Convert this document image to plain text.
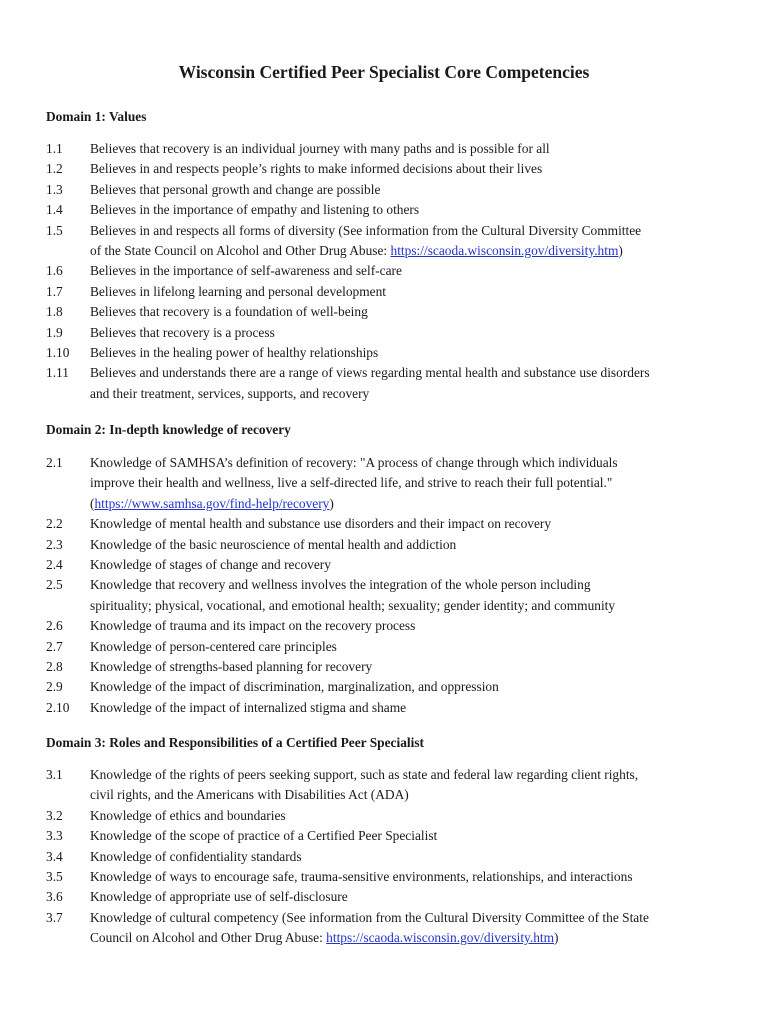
Wisconsin Certified Peer Specialist Core Competencies
Domain 1: Values
1.1	Believes that recovery is an individual journey with many paths and is possible for all
1.2	Believes in and respects people’s rights to make informed decisions about their lives
1.3	Believes that personal growth and change are possible
1.4	Believes in the importance of empathy and listening to others
1.5	Believes in and respects all forms of diversity (See information from the Cultural Diversity Committee
of the State Council on Alcohol and Other Drug Abuse: https://scaoda.wisconsin.gov/diversity.htm)
1.6	Believes in the importance of self-awareness and self-care
1.7	Believes in lifelong learning and personal development
1.8	Believes that recovery is a foundation of well-being
1.9	Believes that recovery is a process
1.10	Believes in the healing power of healthy relationships
1.11	Believes and understands there are a range of views regarding mental health and substance use disorders
and their treatment, services, supports, and recovery
Domain 2: In-depth knowledge of recovery
2.1	Knowledge of SAMHSA’s definition of recovery: "A process of change through which individuals
improve their health and wellness, live a self-directed life, and strive to reach their full potential."
(https://www.samhsa.gov/find-help/recovery)
2.2	Knowledge of mental health and substance use disorders and their impact on recovery
2.3	Knowledge of the basic neuroscience of mental health and addiction
2.4	Knowledge of stages of change and recovery
2.5	Knowledge that recovery and wellness involves the integration of the whole person including
spirituality; physical, vocational, and emotional health; sexuality; gender identity; and community
2.6	Knowledge of trauma and its impact on the recovery process
2.7	Knowledge of person-centered care principles
2.8	Knowledge of strengths-based planning for recovery
2.9	Knowledge of the impact of discrimination, marginalization, and oppression
2.10	Knowledge of the impact of internalized stigma and shame
Domain 3: Roles and Responsibilities of a Certified Peer Specialist
3.1	Knowledge of the rights of peers seeking support, such as state and federal law regarding client rights,
civil rights, and the Americans with Disabilities Act (ADA)
3.2	Knowledge of ethics and boundaries
3.3	Knowledge of the scope of practice of a Certified Peer Specialist
3.4	Knowledge of confidentiality standards
3.5	Knowledge of ways to encourage safe, trauma-sensitive environments, relationships, and interactions
3.6	Knowledge of appropriate use of self-disclosure
3.7	Knowledge of cultural competency (See information from the Cultural Diversity Committee of the State
Council on Alcohol and Other Drug Abuse: https://scaoda.wisconsin.gov/diversity.htm)
